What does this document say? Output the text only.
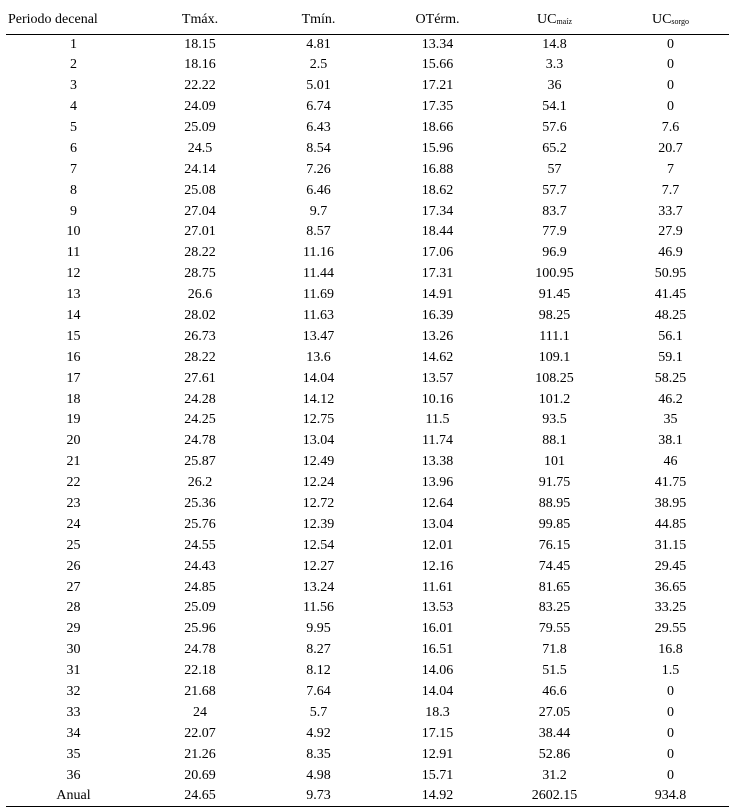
Periodo decenal	Tmáx.	Tmín.	OTérm.	UCmaíz	UCsorgo
1	18.15	4.81	13.34	14.8	0
2	18.16	2.5	15.66	3.3	0
3	22.22	5.01	17.21	36	0
4	24.09	6.74	17.35	54.1	0
5	25.09	6.43	18.66	57.6	7.6
6	24.5	8.54	15.96	65.2	20.7
7	24.14	7.26	16.88	57	7
8	25.08	6.46	18.62	57.7	7.7
9	27.04	9.7	17.34	83.7	33.7
10	27.01	8.57	18.44	77.9	27.9
11	28.22	11.16	17.06	96.9	46.9
12	28.75	11.44	17.31	100.95	50.95
13	26.6	11.69	14.91	91.45	41.45
14	28.02	11.63	16.39	98.25	48.25
15	26.73	13.47	13.26	111.1	56.1
16	28.22	13.6	14.62	109.1	59.1
17	27.61	14.04	13.57	108.25	58.25
18	24.28	14.12	10.16	101.2	46.2
19	24.25	12.75	11.5	93.5	35
20	24.78	13.04	11.74	88.1	38.1
21	25.87	12.49	13.38	101	46
22	26.2	12.24	13.96	91.75	41.75
23	25.36	12.72	12.64	88.95	38.95
24	25.76	12.39	13.04	99.85	44.85
25	24.55	12.54	12.01	76.15	31.15
26	24.43	12.27	12.16	74.45	29.45
27	24.85	13.24	11.61	81.65	36.65
28	25.09	11.56	13.53	83.25	33.25
29	25.96	9.95	16.01	79.55	29.55
30	24.78	8.27	16.51	71.8	16.8
31	22.18	8.12	14.06	51.5	1.5
32	21.68	7.64	14.04	46.6	0
33	24	5.7	18.3	27.05	0
34	22.07	4.92	17.15	38.44	0
35	21.26	8.35	12.91	52.86	0
36	20.69	4.98	15.71	31.2	0
Anual	24.65	9.73	14.92	2602.15	934.8
